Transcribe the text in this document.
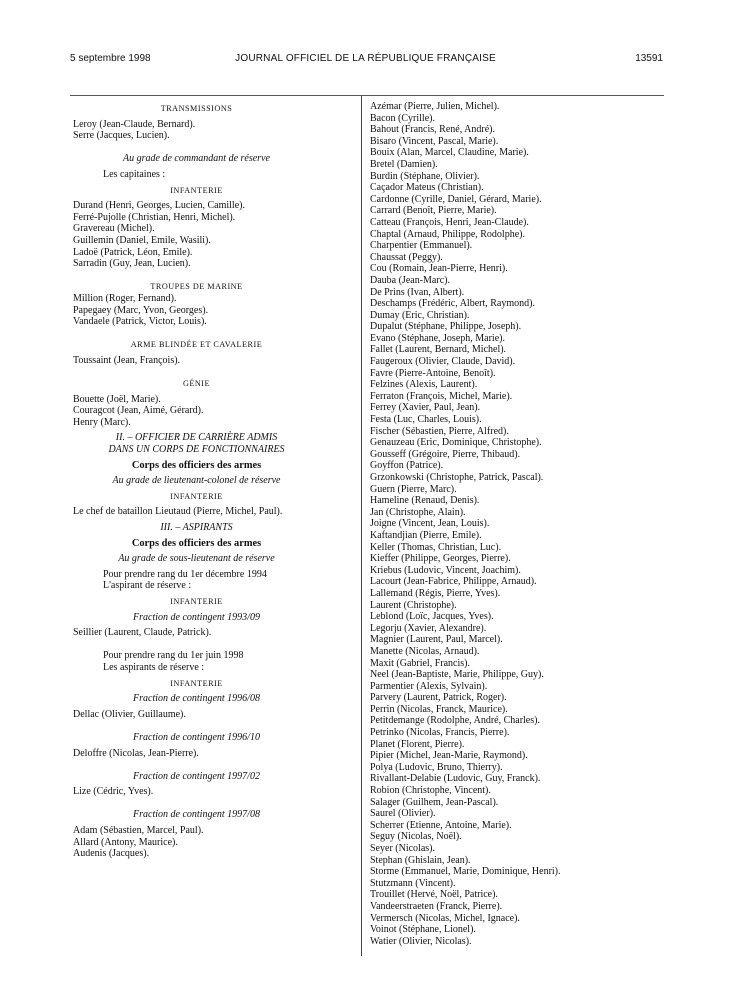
5 septembre 1998	JOURNAL OFFICIEL DE LA RÉPUBLIQUE FRANÇAISE	13591
TRANSMISSIONS
Leroy (Jean-Claude, Bernard).
Serre (Jacques, Lucien).
Au grade de commandant de réserve
Les capitaines :
INFANTERIE
Durand (Henri, Georges, Lucien, Camille).
Ferré-Pujolle (Christian, Henri, Michel).
Gravereau (Michel).
Guillemin (Daniel, Emile, Wasili).
Ladoë (Patrick, Léon, Emile).
Sarradin (Guy, Jean, Lucien).
TROUPES DE MARINE
Million (Roger, Fernand).
Papegaey (Marc, Yvon, Georges).
Vandaele (Patrick, Victor, Louis).
ARME BLINDÉE ET CAVALERIE
Toussaint (Jean, François).
GÉNIE
Bouette (Joël, Marie).
Couragcot (Jean, Aimé, Gérard).
Henry (Marc).
II. – OFFICIER DE CARRIÈRE ADMIS
DANS UN CORPS DE FONCTIONNAIRES
Corps des officiers des armes
Au grade de lieutenant-colonel de réserve
INFANTERIE
Le chef de bataillon Lieutaud (Pierre, Michel, Paul).
III. – ASPIRANTS
Corps des officiers des armes
Au grade de sous-lieutenant de réserve
Pour prendre rang du 1er décembre 1994
L'aspirant de réserve :
INFANTERIE
Fraction de contingent 1993/09
Seillier (Laurent, Claude, Patrick).
Pour prendre rang du 1er juin 1998
Les aspirants de réserve :
INFANTERIE
Fraction de contingent 1996/08
Dellac (Olivier, Guillaume).
Fraction de contingent 1996/10
Deloffre (Nicolas, Jean-Pierre).
Fraction de contingent 1997/02
Lize (Cédric, Yves).
Fraction de contingent 1997/08
Adam (Sébastien, Marcel, Paul).
Allard (Antony, Maurice).
Audenis (Jacques).
Azémar (Pierre, Julien, Michel).
Bacon (Cyrille).
Bahout (Francis, René, André).
Bisaro (Vincent, Pascal, Marie).
Bouix (Alan, Marcel, Claudine, Marie).
Bretel (Damien).
Burdin (Stéphane, Olivier).
Caçador Mateus (Christian).
Cardonne (Cyrille, Daniel, Gérard, Marie).
Carrard (Benoît, Pierre, Marie).
Catteau (François, Henri, Jean-Claude).
Chaptal (Arnaud, Philippe, Rodolphe).
Charpentier (Emmanuel).
Chaussat (Peggy).
Cou (Romain, Jean-Pierre, Henri).
Dauba (Jean-Marc).
De Prins (Ivan, Albert).
Deschamps (Frédéric, Albert, Raymond).
Dumay (Eric, Christian).
Dupalut (Stéphane, Philippe, Joseph).
Evano (Stéphane, Joseph, Marie).
Fallet (Laurent, Bernard, Michel).
Faugeroux (Olivier, Claude, David).
Favre (Pierre-Antoine, Benoît).
Felzines (Alexis, Laurent).
Ferraton (François, Michel, Marie).
Ferrey (Xavier, Paul, Jean).
Festa (Luc, Charles, Louis).
Fischer (Sébastien, Pierre, Alfred).
Genauzeau (Eric, Dominique, Christophe).
Gousseff (Grégoire, Pierre, Thibaud).
Goyffon (Patrice).
Grzonkowski (Christophe, Patrick, Pascal).
Guern (Pierre, Marc).
Hameline (Renaud, Denis).
Jan (Christophe, Alain).
Joigne (Vincent, Jean, Louis).
Kaftandjian (Pierre, Emile).
Keller (Thomas, Christian, Luc).
Kieffer (Philippe, Georges, Pierre).
Kriebus (Ludovic, Vincent, Joachim).
Lacourt (Jean-Fabrice, Philippe, Arnaud).
Lallemand (Régis, Pierre, Yves).
Laurent (Christophe).
Leblond (Loïc, Jacques, Yves).
Legorju (Xavier, Alexandre).
Magnier (Laurent, Paul, Marcel).
Manette (Nicolas, Arnaud).
Maxit (Gabriel, Francis).
Neel (Jean-Baptiste, Marie, Philippe, Guy).
Parmentier (Alexis, Sylvain).
Parvery (Laurent, Patrick, Roger).
Perrin (Nicolas, Franck, Maurice).
Petitdemange (Rodolphe, André, Charles).
Petrinko (Nicolas, Francis, Pierre).
Planet (Florent, Pierre).
Pipier (Michel, Jean-Marie, Raymond).
Polya (Ludovic, Bruno, Thierry).
Rivallant-Delabie (Ludovic, Guy, Franck).
Robion (Christophe, Vincent).
Salager (Guilhem, Jean-Pascal).
Saurel (Olivier).
Scherrer (Etienne, Antoine, Marie).
Seguy (Nicolas, Noël).
Seyer (Nicolas).
Stephan (Ghislain, Jean).
Storme (Emmanuel, Marie, Dominique, Henri).
Stutzmann (Vincent).
Trouillet (Hervé, Noël, Patrice).
Vandeerstraeten (Franck, Pierre).
Vermersch (Nicolas, Michel, Ignace).
Voinot (Stéphane, Lionel).
Watier (Olivier, Nicolas).
